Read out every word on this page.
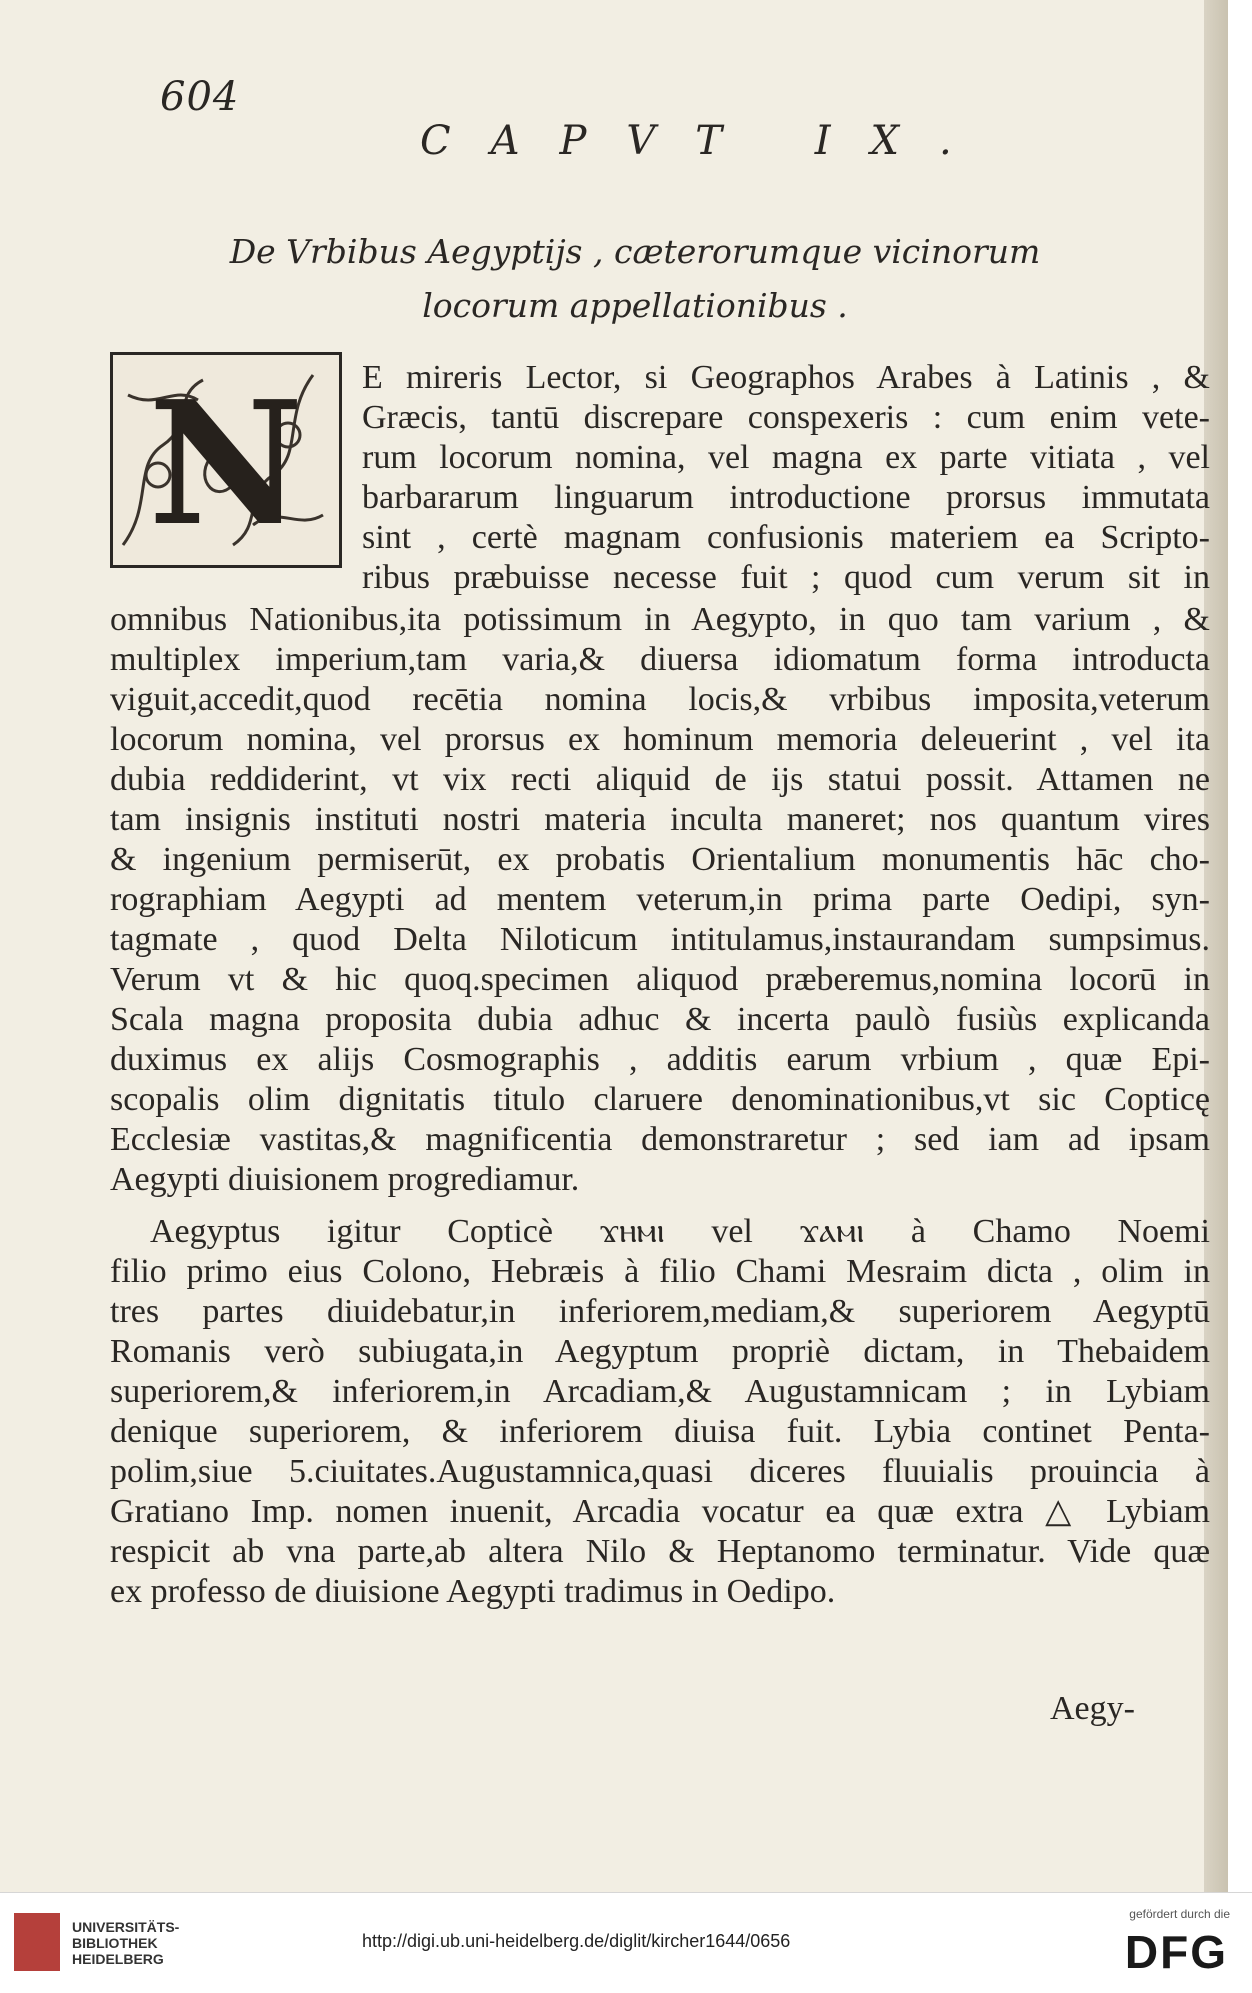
604
CAPVT IX.
De Vrbibus Aegyptijs , cæterorumque vicinorum
locorum appellationibus .
N E mireris Lector, si Geographos Arabes à Latinis , &
Græcis, tantū discrepare conspexeris : cum enim vete-
rum locorum nomina, vel magna ex parte vitiata , vel
barbararum linguarum introductione prorsus immutata
sint , certè magnam confusionis materiem ea Scripto-
ribus præbuisse necesse fuit ; quod cum verum sit in
omnibus Nationibus,ita potissimum in Aegypto, in quo tam varium , &
multiplex imperium,tam varia,& diuersa idiomatum forma introducta
viguit,accedit,quod recētia nomina locis,& vrbibus imposita,veterum
locorum nomina, vel prorsus ex hominum memoria deleuerint , vel ita
dubia reddiderint, vt vix recti aliquid de ijs statui possit. Attamen ne
tam insignis instituti nostri materia inculta maneret; nos quantum vires
& ingenium permiserūt, ex probatis Orientalium monumentis hāc cho-
rographiam Aegypti ad mentem veterum,in prima parte Oedipi, syn-
tagmate , quod Delta Niloticum intitulamus,instaurandam sumpsimus.
Verum vt & hic quoq.specimen aliquod præberemus,nomina locorū in
Scala magna proposita dubia adhuc & incerta paulò fusiùs explicanda
duximus ex alijs Cosmographis , additis earum vrbium , quæ Epi-
scopalis olim dignitatis titulo claruere denominationibus,vt sic Copticę
Ecclesiæ vastitas,& magnificentia demonstraretur ; sed iam ad ipsam
Aegypti diuisionem progrediamur.
Aegyptus igitur Copticè ϫⲏⲙⲓ vel ϫⲁⲙⲓ à Chamo Noemi
filio primo eius Colono, Hebræis à filio Chami Mesraim dicta , olim in
tres partes diuidebatur,in inferiorem,mediam,& superiorem Aegyptū
Romanis verò subiugata,in Aegyptum propriè dictam, in Thebaidem
superiorem,& inferiorem,in Arcadiam,& Augustamnicam ; in Lybiam
denique superiorem, & inferiorem diuisa fuit. Lybia continet Penta-
polim,siue 5.ciuitates.Augustamnica,quasi diceres fluuialis prouincia à
Gratiano Imp. nomen inuenit, Arcadia vocatur ea quæ extra △ Lybiam
respicit ab vna parte,ab altera Nilo & Heptanomo terminatur. Vide quæ
ex professo de diuisione Aegypti tradimus in Oedipo.
Aegy-
UNIVERSITÄTS-
BIBLIOTHEK
HEIDELBERG
http://digi.ub.uni-heidelberg.de/diglit/kircher1644/0656
gefördert durch die
DFG
